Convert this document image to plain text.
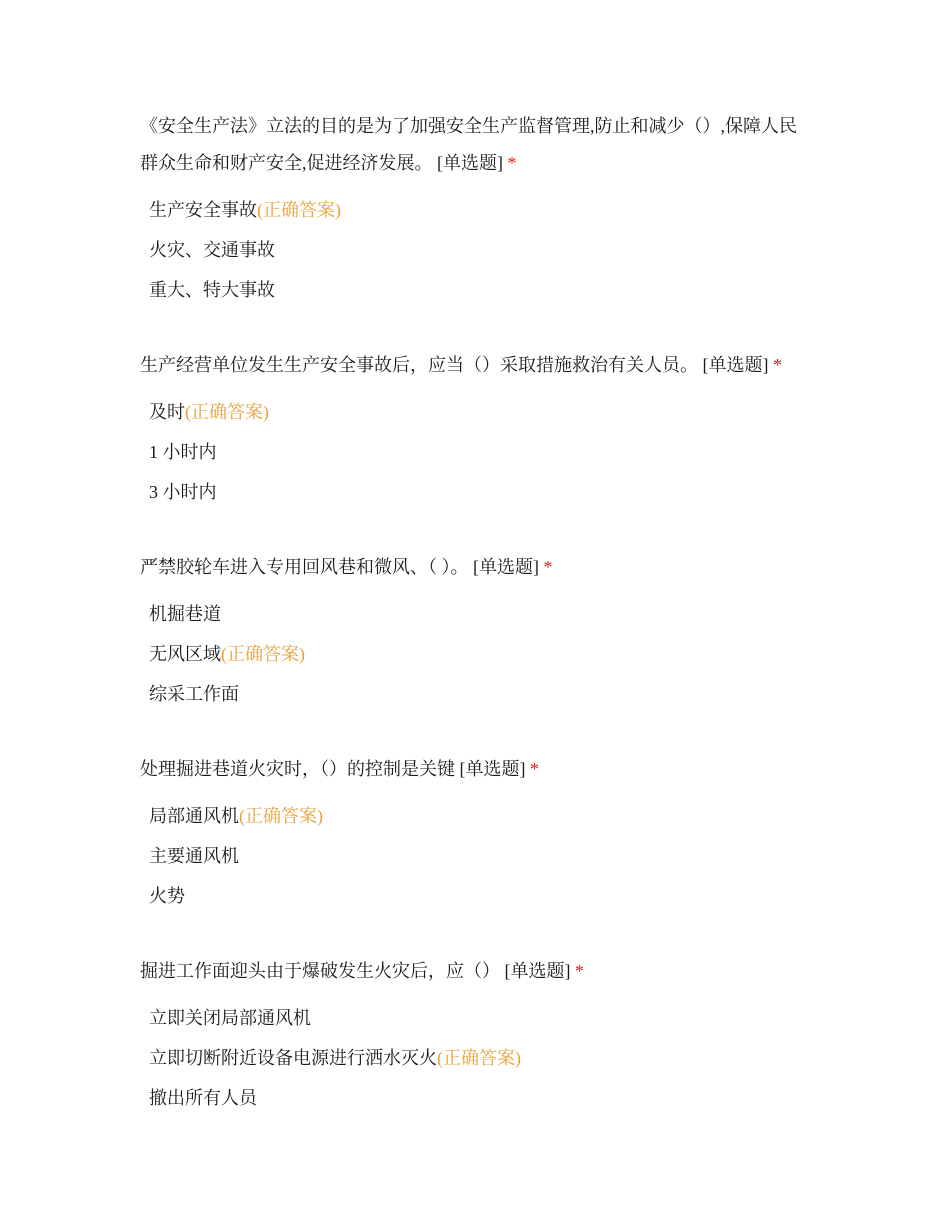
《安全生产法》立法的目的是为了加强安全生产监督管理,防止和减少（）,保障人民群众生命和财产安全,促进经济发展。 [单选题] *

生产安全事故(正确答案)
火灾、交通事故
重大、特大事故

生产经营单位发生生产安全事故后，应当（）采取措施救治有关人员。 [单选题] *

及时(正确答案)
1 小时内
3 小时内

严禁胶轮车进入专用回风巷和微风、（ ）。 [单选题] *

机掘巷道
无风区域(正确答案)
综采工作面

处理掘进巷道火灾时，（）的控制是关键 [单选题] *

局部通风机(正确答案)
主要通风机
火势

掘进工作面迎头由于爆破发生火灾后，应（） [单选题] *

立即关闭局部通风机
立即切断附近设备电源进行洒水灭火(正确答案)
撤出所有人员
